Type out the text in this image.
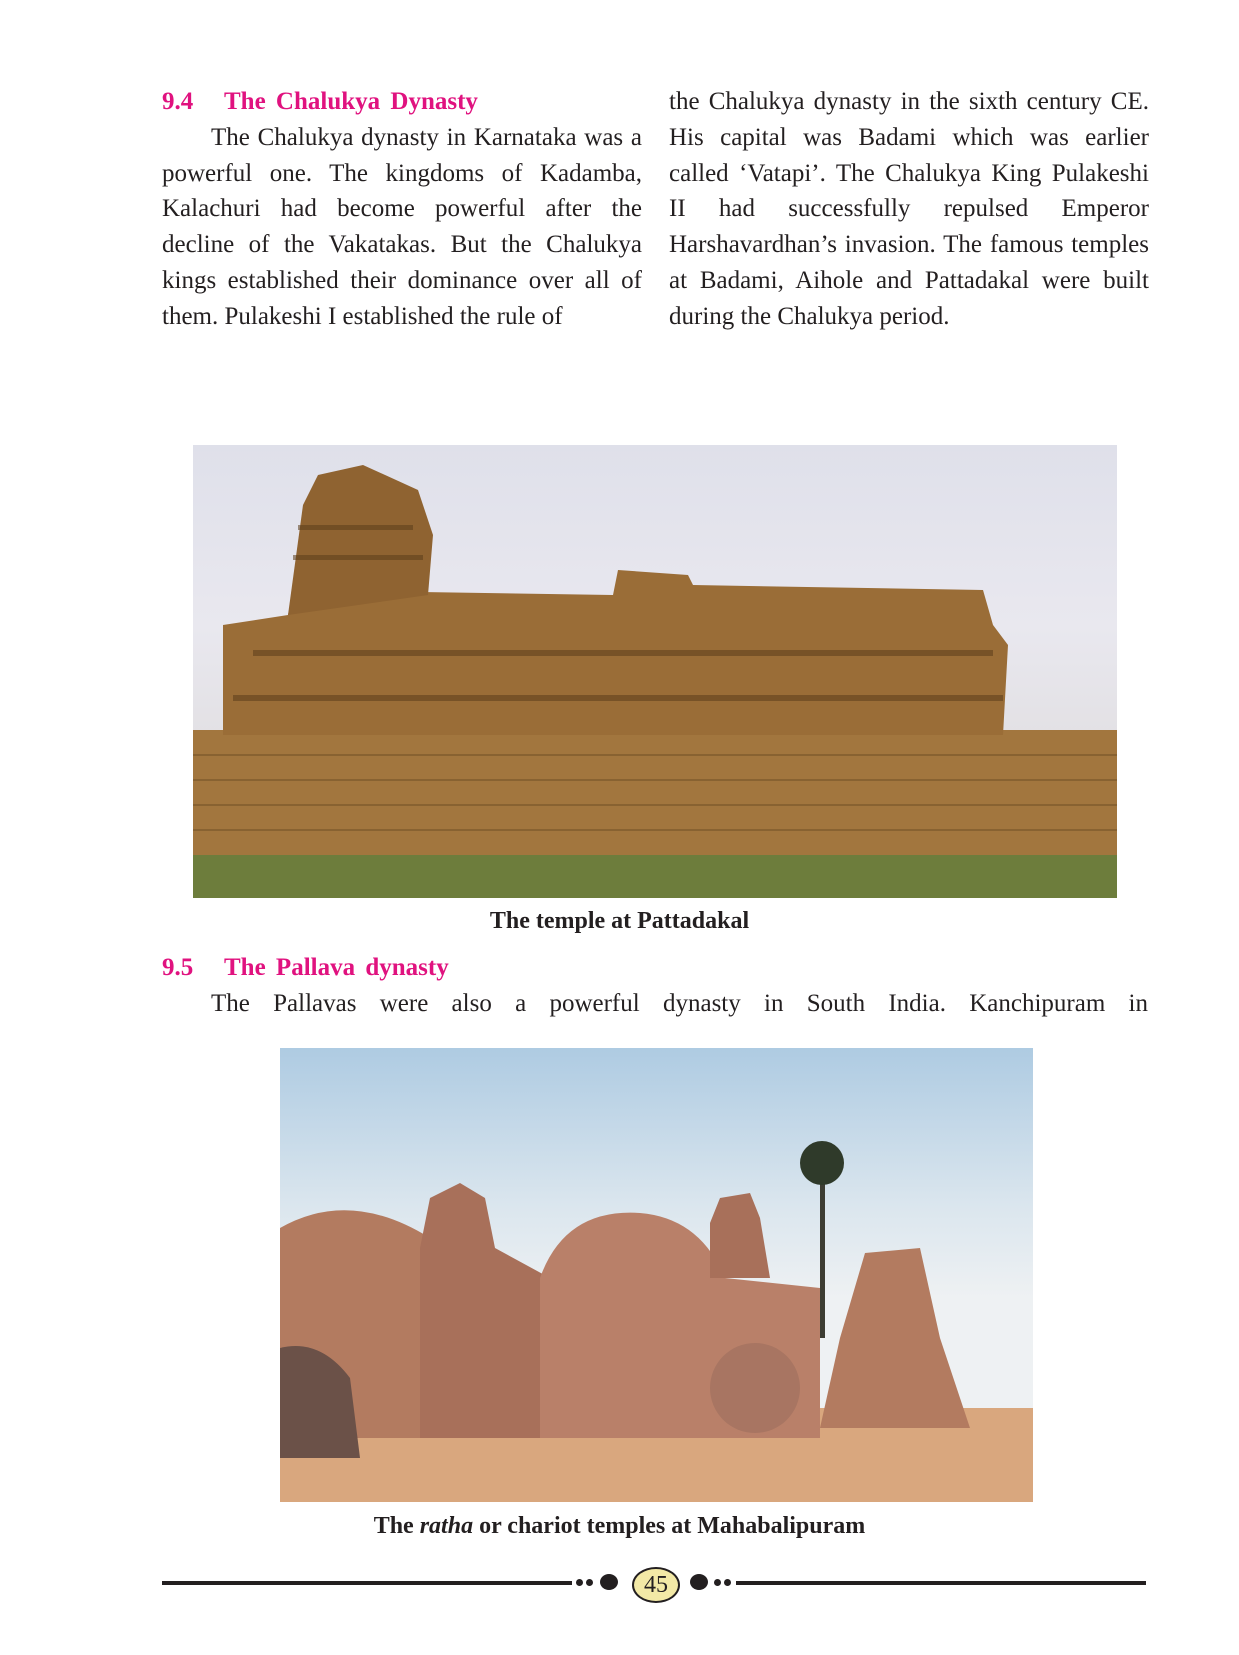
9.4 The Chalukya Dynasty

The Chalukya dynasty in Karnataka was a powerful one. The kingdoms of Kadamba, Kalachuri had become powerful after the decline of the Vakatakas. But the Chalukya kings established their dominance over all of them. Pulakeshi I established the rule of

the Chalukya dynasty in the sixth century CE. His capital was Badami which was earlier called ‘Vatapi’. The Chalukya King Pulakeshi II had successfully repulsed Emperor Harshavardhan’s invasion. The famous temples at Badami, Aihole and Pattadakal were built during the Chalukya period.

The temple at Pattadakal
9.5 The Pallava dynasty

The Pallavas were also a powerful dynasty in South India. Kanchipuram in

The ratha or chariot temples at Mahabalipuram
45
